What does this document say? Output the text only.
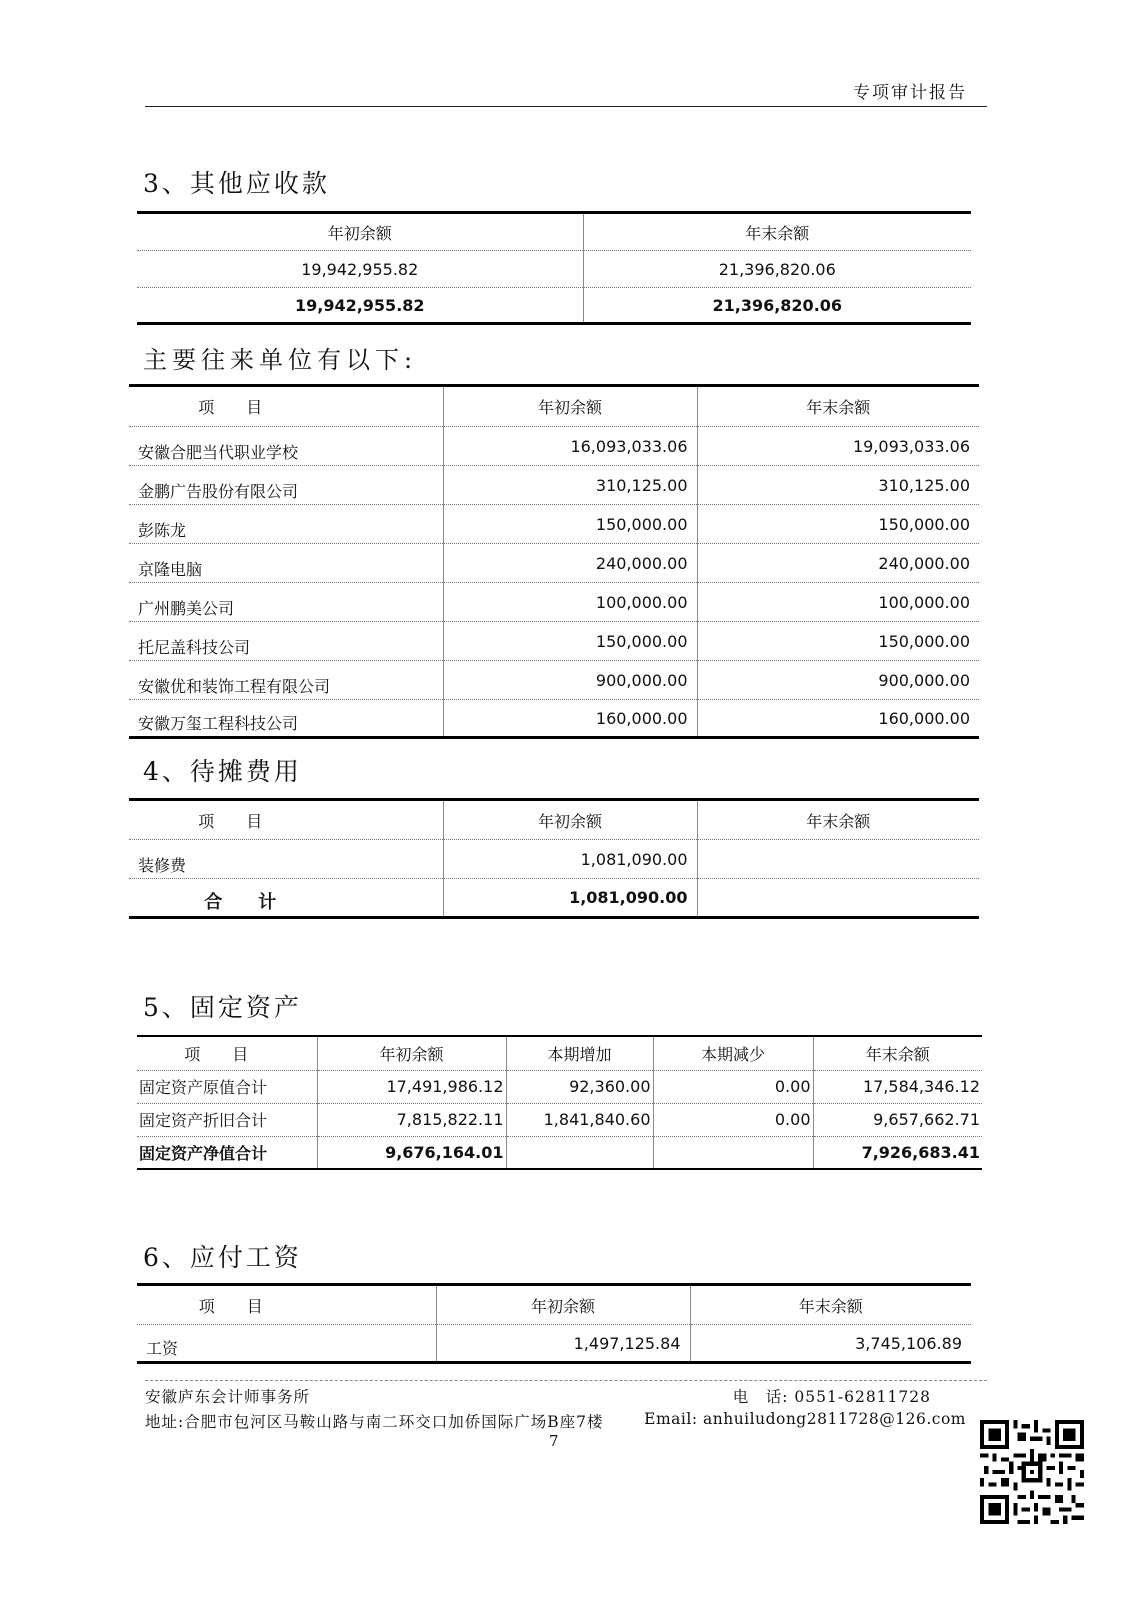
专项审计报告
3、其他应收款
年初余额	年末余额
19,942,955.82	21,396,820.06
19,942,955.82	21,396,820.06
主要往来单位有以下:
项　　目	年初余额	年末余额
安徽合肥当代职业学校	16,093,033.06	19,093,033.06
金鹏广告股份有限公司	310,125.00	310,125.00
彭陈龙	150,000.00	150,000.00
京隆电脑	240,000.00	240,000.00
广州鹏美公司	100,000.00	100,000.00
托尼盖科技公司	150,000.00	150,000.00
安徽优和装饰工程有限公司	900,000.00	900,000.00
安徽万玺工程科技公司	160,000.00	160,000.00
4、待摊费用
项　　目	年初余额	年末余额
装修费	1,081,090.00	
合　　计	1,081,090.00	
5、固定资产
项　　目	年初余额	本期增加	本期减少	年末余额
固定资产原值合计	17,491,986.12	92,360.00	0.00	17,584,346.12
固定资产折旧合计	7,815,822.11	1,841,840.60	0.00	9,657,662.71
固定资产净值合计	9,676,164.01			7,926,683.41
6、应付工资
项　　目	年初余额	年末余额
工资	1,497,125.84	3,745,106.89
安徽庐东会计师事务所
地址:合肥市包河区马鞍山路与南二环交口加侨国际广场B座7楼
电　话: 0551-62811728
Email: anhuiludong2811728@126.com
7
